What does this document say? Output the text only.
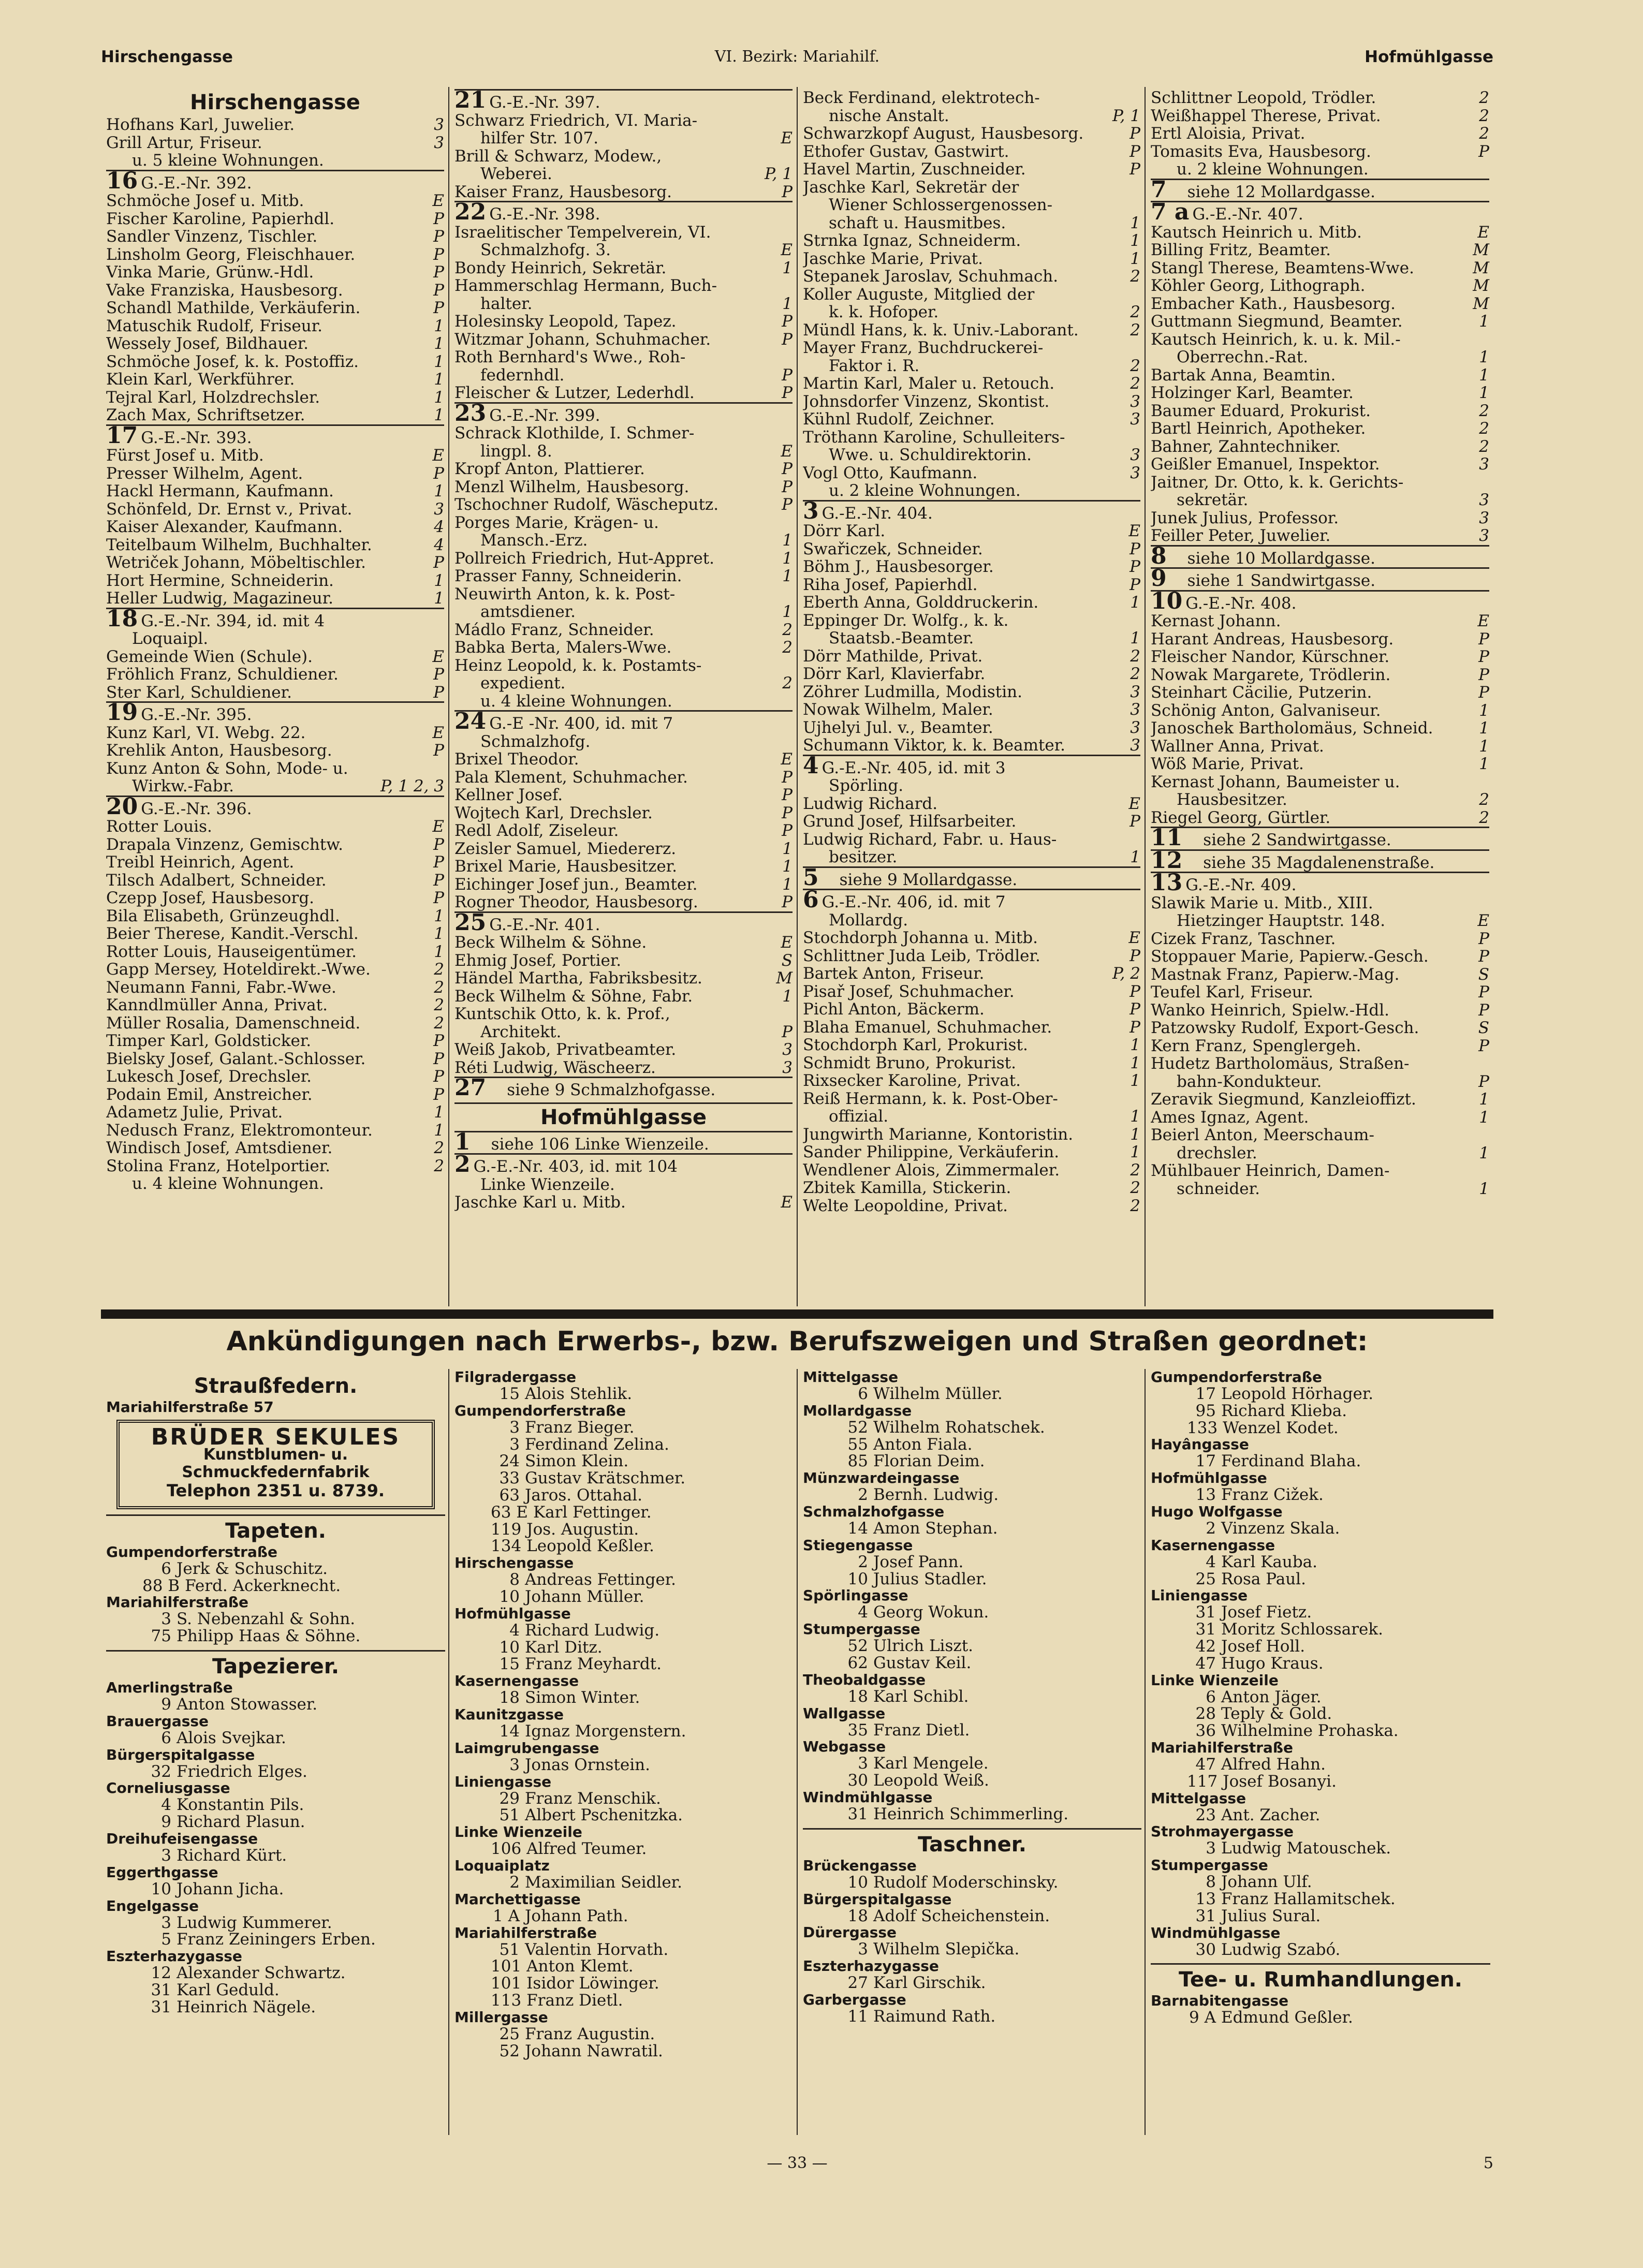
Hirschengasse	VI. Bezirk: Mariahilf.	Hofmühlgasse
Hirschengasse
Hofhans Karl, Juwelier.	3
Grill Artur, Friseur.	3
u. 5 kleine Wohnungen.
16 G.-E.-Nr. 392.
Schmöche Josef u. Mitb.	E
Fischer Karoline, Papierhdl.	P
Sandler Vinzenz, Tischler.	P
Linsholm Georg, Fleischhauer.	P
Vinka Marie, Grünw.-Hdl.	P
Vake Franziska, Hausbesorg.	P
Schandl Mathilde, Verkäuferin.	P
Matuschik Rudolf, Friseur.	1
Wessely Josef, Bildhauer.	1
Schmöche Josef, k. k. Postoffiz.	1
Klein Karl, Werkführer.	1
Tejral Karl, Holzdrechsler.	1
Zach Max, Schriftsetzer.	1
17 G.-E.-Nr. 393.
Fürst Josef u. Mitb.	E
Presser Wilhelm, Agent.	P
Hackl Hermann, Kaufmann.	1
Schönfeld, Dr. Ernst v., Privat.	3
Kaiser Alexander, Kaufmann.	4
Teitelbaum Wilhelm, Buchhalter.	4
Wetriček Johann, Möbeltischler.	P
Hort Hermine, Schneiderin.	1
Heller Ludwig, Magazineur.	1
18 G.-E.-Nr. 394, id. mit 4
Loquaipl.
Gemeinde Wien (Schule).	E
Fröhlich Franz, Schuldiener.	P
Ster Karl, Schuldiener.	P
19 G.-E.-Nr. 395.
Kunz Karl, VI. Webg. 22.	E
Krehlik Anton, Hausbesorg.	P
Kunz Anton & Sohn, Mode- u.
Wirkw.-Fabr.	P, 1 2, 3
20 G.-E.-Nr. 396.
Rotter Louis.	E
Drapala Vinzenz, Gemischtw.	P
Treibl Heinrich, Agent.	P
Tilsch Adalbert, Schneider.	P
Czepp Josef, Hausbesorg.	P
Bila Elisabeth, Grünzeughdl.	1
Beier Therese, Kandit.-Verschl.	1
Rotter Louis, Hauseigentümer.	1
Gapp Mersey, Hoteldirekt.-Wwe.	2
Neumann Fanni, Fabr.-Wwe.	2
Kanndlmüller Anna, Privat.	2
Müller Rosalia, Damenschneid.	2
Timper Karl, Goldsticker.	P
Bielsky Josef, Galant.-Schlosser.	P
Lukesch Josef, Drechsler.	P
Podain Emil, Anstreicher.	P
Adametz Julie, Privat.	1
Nedusch Franz, Elektromonteur.	1
Windisch Josef, Amtsdiener.	2
Stolina Franz, Hotelportier.	2
u. 4 kleine Wohnungen.
21 G.-E.-Nr. 397.
Schwarz Friedrich, VI. Maria-
hilfer Str. 107.	E
Brill & Schwarz, Modew.,
Weberei.	P, 1
Kaiser Franz, Hausbesorg.	P
22 G.-E.-Nr. 398.
Israelitischer Tempelverein, VI.
Schmalzhofg. 3.	E
Bondy Heinrich, Sekretär.	1
Hammerschlag Hermann, Buch-
halter.	1
Holesinsky Leopold, Tapez.	P
Witzmar Johann, Schuhmacher.	P
Roth Bernhard's Wwe., Roh-
federnhdl.	P
Fleischer & Lutzer, Lederhdl.	P
23 G.-E.-Nr. 399.
Schrack Klothilde, I. Schmer-
lingpl. 8.	E
Kropf Anton, Plattierer.	P
Menzl Wilhelm, Hausbesorg.	P
Tschochner Rudolf, Wäscheputz.	P
Porges Marie, Krägen- u.
Mansch.-Erz.	1
Pollreich Friedrich, Hut-Appret.	1
Prasser Fanny, Schneiderin.	1
Neuwirth Anton, k. k. Post-
amtsdiener.	1
Mádlo Franz, Schneider.	2
Babka Berta, Malers-Wwe.	2
Heinz Leopold, k. k. Postamts-
expedient.	2
u. 4 kleine Wohnungen.
24 G.-E -Nr. 400, id. mit 7
Schmalzhofg.
Brixel Theodor.	E
Pala Klement, Schuhmacher.	P
Kellner Josef.	P
Wojtech Karl, Drechsler.	P
Redl Adolf, Ziseleur.	P
Zeisler Samuel, Miedererz.	1
Brixel Marie, Hausbesitzer.	1
Eichinger Josef jun., Beamter.	1
Rogner Theodor, Hausbesorg.	P
25 G.-E.-Nr. 401.
Beck Wilhelm & Söhne.	E
Ehmig Josef, Portier.	S
Händel Martha, Fabriksbesitz.	M
Beck Wilhelm & Söhne, Fabr.	1
Kuntschik Otto, k. k. Prof.,
Architekt.	P
Weiß Jakob, Privatbeamter.	3
Réti Ludwig, Wäscheerz.	3
27 siehe 9 Schmalzhofgasse.
Hofmühlgasse
1 siehe 106 Linke Wienzeile.
2 G.-E.-Nr. 403, id. mit 104
Linke Wienzeile.
Jaschke Karl u. Mitb.	E
Beck Ferdinand, elektrotech-
nische Anstalt.	P, 1
Schwarzkopf August, Hausbesorg.	P
Ethofer Gustav, Gastwirt.	P
Havel Martin, Zuschneider.	P
Jaschke Karl, Sekretär der
Wiener Schlossergenossen-
schaft u. Hausmitbes.	1
Strnka Ignaz, Schneiderm.	1
Jaschke Marie, Privat.	1
Stepanek Jaroslav, Schuhmach.	2
Koller Auguste, Mitglied der
k. k. Hofoper.	2
Mündl Hans, k. k. Univ.-Laborant.	2
Mayer Franz, Buchdruckerei-
Faktor i. R.	2
Martin Karl, Maler u. Retouch.	2
Johnsdorfer Vinzenz, Skontist.	3
Kühnl Rudolf, Zeichner.	3
Tröthann Karoline, Schulleiters-
Wwe. u. Schuldirektorin.	3
Vogl Otto, Kaufmann.	3
u. 2 kleine Wohnungen.
3 G.-E.-Nr. 404.
Dörr Karl.	E
Swařiczek, Schneider.	P
Böhm J., Hausbesorger.	P
Riha Josef, Papierhdl.	P
Eberth Anna, Golddruckerin.	1
Eppinger Dr. Wolfg., k. k.
Staatsb.-Beamter.	1
Dörr Mathilde, Privat.	2
Dörr Karl, Klavierfabr.	2
Zöhrer Ludmilla, Modistin.	3
Nowak Wilhelm, Maler.	3
Ujhelyi Jul. v., Beamter.	3
Schumann Viktor, k. k. Beamter.	3
4 G.-E.-Nr. 405, id. mit 3
Spörling.
Ludwig Richard.	E
Grund Josef, Hilfsarbeiter.	P
Ludwig Richard, Fabr. u. Haus-
besitzer.	1
5 siehe 9 Mollardgasse.
6 G.-E.-Nr. 406, id. mit 7
Mollardg.
Stochdorph Johanna u. Mitb.	E
Schlittner Juda Leib, Trödler.	P
Bartek Anton, Friseur.	P, 2
Pisař Josef, Schuhmacher.	P
Pichl Anton, Bäckerm.	P
Blaha Emanuel, Schuhmacher.	P
Stochdorph Karl, Prokurist.	1
Schmidt Bruno, Prokurist.	1
Rixsecker Karoline, Privat.	1
Reiß Hermann, k. k. Post-Ober-
offizial.	1
Jungwirth Marianne, Kontoristin.	1
Sander Philippine, Verkäuferin.	1
Wendlener Alois, Zimmermaler.	2
Zbitek Kamilla, Stickerin.	2
Welte Leopoldine, Privat.	2
Schlittner Leopold, Trödler.	2
Weißhappel Therese, Privat.	2
Ertl Aloisia, Privat.	2
Tomasits Eva, Hausbesorg.	P
u. 2 kleine Wohnungen.
7 siehe 12 Mollardgasse.
7 a G.-E.-Nr. 407.
Kautsch Heinrich u. Mitb.	E
Billing Fritz, Beamter.	M
Stangl Therese, Beamtens-Wwe.	M
Köhler Georg, Lithograph.	M
Embacher Kath., Hausbesorg.	M
Guttmann Siegmund, Beamter.	1
Kautsch Heinrich, k. u. k. Mil.-
Oberrechn.-Rat.	1
Bartak Anna, Beamtin.	1
Holzinger Karl, Beamter.	1
Baumer Eduard, Prokurist.	2
Bartl Heinrich, Apotheker.	2
Bahner, Zahntechniker.	2
Geißler Emanuel, Inspektor.	3
Jaitner, Dr. Otto, k. k. Gerichts-
sekretär.	3
Junek Julius, Professor.	3
Feiller Peter, Juwelier.	3
8 siehe 10 Mollardgasse.
9 siehe 1 Sandwirtgasse.
10 G.-E.-Nr. 408.
Kernast Johann.	E
Harant Andreas, Hausbesorg.	P
Fleischer Nandor, Kürschner.	P
Nowak Margarete, Trödlerin.	P
Steinhart Cäcilie, Putzerin.	P
Schönig Anton, Galvaniseur.	1
Janoschek Bartholomäus, Schneid.	1
Wallner Anna, Privat.	1
Wöß Marie, Privat.	1
Kernast Johann, Baumeister u.
Hausbesitzer.	2
Riegel Georg, Gürtler.	2
11 siehe 2 Sandwirtgasse.
12 siehe 35 Magdalenenstraße.
13 G.-E.-Nr. 409.
Slawik Marie u. Mitb., XIII.
Hietzinger Hauptstr. 148.	E
Cizek Franz, Taschner.	P
Stoppauer Marie, Papierw.-Gesch.	P
Mastnak Franz, Papierw.-Mag.	S
Teufel Karl, Friseur.	P
Wanko Heinrich, Spielw.-Hdl.	P
Patzowsky Rudolf, Export-Gesch.	S
Kern Franz, Spenglergeh.	P
Hudetz Bartholomäus, Straßen-
bahn-Kondukteur.	P
Zeravik Siegmund, Kanzleioffizt.	1
Ames Ignaz, Agent.	1
Beierl Anton, Meerschaum-
drechsler.	1
Mühlbauer Heinrich, Damen-
schneider.	1
Ankündigungen nach Erwerbs-, bzw. Berufszweigen und Straßen geordnet:
Straußfedern.
Mariahilferstraße 57
BRÜDER SEKULES
Kunstblumen- u. Schmuckfedernfabrik
Telephon 2351 u. 8739.
Tapeten.
Gumpendorferstraße
6 Jerk & Schuschitz.
88 B Ferd. Ackerknecht.
Mariahilferstraße
3 S. Nebenzahl & Sohn.
75 Philipp Haas & Söhne.
Tapezierer.
Amerlingstraße
9 Anton Stowasser.
Brauergasse
6 Alois Svejkar.
Bürgerspitalgasse
32 Friedrich Elges.
Corneliusgasse
4 Konstantin Pils.
9 Richard Plasun.
Dreihufeisengasse
3 Richard Kürt.
Eggerthgasse
10 Johann Jicha.
Engelgasse
3 Ludwig Kummerer.
5 Franz Zeiningers Erben.
Eszterhazygasse
12 Alexander Schwartz.
31 Karl Geduld.
31 Heinrich Nägele.
Filgradergasse
15 Alois Stehlik.
Gumpendorferstraße
3 Franz Bieger.
3 Ferdinand Zelina.
24 Simon Klein.
33 Gustav Krätschmer.
63 Jaros. Ottahal.
63 E Karl Fettinger.
119 Jos. Augustin.
134 Leopold Keßler.
Hirschengasse
8 Andreas Fettinger.
10 Johann Müller.
Hofmühlgasse
4 Richard Ludwig.
10 Karl Ditz.
15 Franz Meyhardt.
Kasernengasse
18 Simon Winter.
Kaunitzgasse
14 Ignaz Morgenstern.
Laimgrubengasse
3 Jonas Ornstein.
Liniengasse
29 Franz Menschik.
51 Albert Pschenitzka.
Linke Wienzeile
106 Alfred Teumer.
Loquaiplatz
2 Maximilian Seidler.
Marchettigasse
1 A Johann Path.
Mariahilferstraße
51 Valentin Horvath.
101 Anton Klemt.
101 Isidor Löwinger.
113 Franz Dietl.
Millergasse
25 Franz Augustin.
52 Johann Nawratil.
Mittelgasse
6 Wilhelm Müller.
Mollardgasse
52 Wilhelm Rohatschek.
55 Anton Fiala.
85 Florian Deim.
Münzwardeingasse
2 Bernh. Ludwig.
Schmalzhofgasse
14 Amon Stephan.
Stiegengasse
2 Josef Pann.
10 Julius Stadler.
Spörlingasse
4 Georg Wokun.
Stumpergasse
52 Ulrich Liszt.
62 Gustav Keil.
Theobaldgasse
18 Karl Schibl.
Wallgasse
35 Franz Dietl.
Webgasse
3 Karl Mengele.
30 Leopold Weiß.
Windmühlgasse
31 Heinrich Schimmerling.
Taschner.
Brückengasse
10 Rudolf Moderschinsky.
Bürgerspitalgasse
18 Adolf Scheichenstein.
Dürergasse
3 Wilhelm Slepička.
Eszterhazygasse
27 Karl Girschik.
Garbergasse
11 Raimund Rath.
Gumpendorferstraße
17 Leopold Hörhager.
95 Richard Klieba.
133 Wenzel Kodet.
Hayângasse
17 Ferdinand Blaha.
Hofmühlgasse
13 Franz Cižek.
Hugo Wolfgasse
2 Vinzenz Skala.
Kasernengasse
4 Karl Kauba.
25 Rosa Paul.
Liniengasse
31 Josef Fietz.
31 Moritz Schlossarek.
42 Josef Holl.
47 Hugo Kraus.
Linke Wienzeile
6 Anton Jäger.
28 Teply & Gold.
36 Wilhelmine Prohaska.
Mariahilferstraße
47 Alfred Hahn.
117 Josef Bosanyi.
Mittelgasse
23 Ant. Zacher.
Strohmayergasse
3 Ludwig Matouschek.
Stumpergasse
8 Johann Ulf.
13 Franz Hallamitschek.
31 Julius Sural.
Windmühlgasse
30 Ludwig Szabó.
Tee- u. Rumhandlungen.
Barnabitengasse
9 A Edmund Geßler.
— 33 —	5
